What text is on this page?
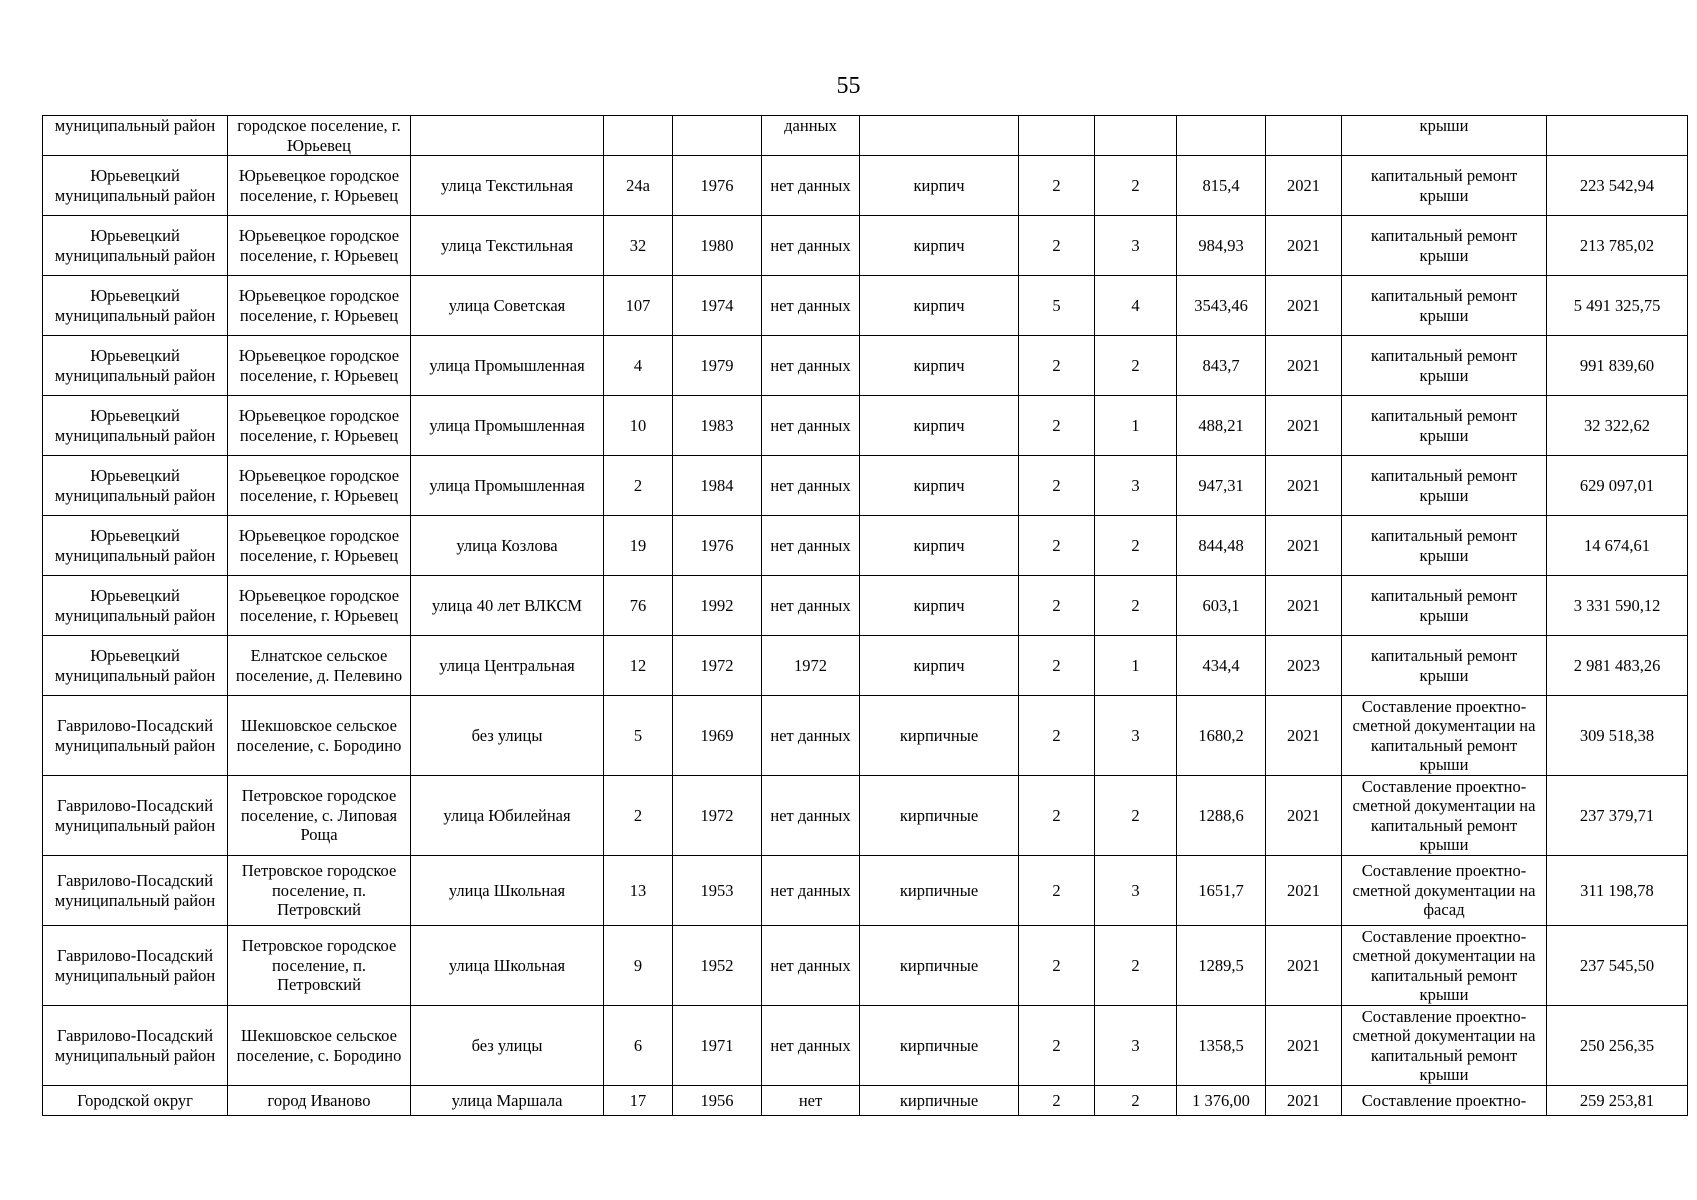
55
муниципальный район	городское поселение, г. Юрьевец				данных						крыши	
Юрьевецкий муниципальный район	Юрьевецкое городское поселение, г. Юрьевец	улица Текстильная	24а	1976	нет данных	кирпич	2	2	815,4	2021	капитальный ремонт крыши	223 542,94
Юрьевецкий муниципальный район	Юрьевецкое городское поселение, г. Юрьевец	улица Текстильная	32	1980	нет данных	кирпич	2	3	984,93	2021	капитальный ремонт крыши	213 785,02
Юрьевецкий муниципальный район	Юрьевецкое городское поселение, г. Юрьевец	улица Советская	107	1974	нет данных	кирпич	5	4	3543,46	2021	капитальный ремонт крыши	5 491 325,75
Юрьевецкий муниципальный район	Юрьевецкое городское поселение, г. Юрьевец	улица Промышленная	4	1979	нет данных	кирпич	2	2	843,7	2021	капитальный ремонт крыши	991 839,60
Юрьевецкий муниципальный район	Юрьевецкое городское поселение, г. Юрьевец	улица Промышленная	10	1983	нет данных	кирпич	2	1	488,21	2021	капитальный ремонт крыши	32 322,62
Юрьевецкий муниципальный район	Юрьевецкое городское поселение, г. Юрьевец	улица Промышленная	2	1984	нет данных	кирпич	2	3	947,31	2021	капитальный ремонт крыши	629 097,01
Юрьевецкий муниципальный район	Юрьевецкое городское поселение, г. Юрьевец	улица Козлова	19	1976	нет данных	кирпич	2	2	844,48	2021	капитальный ремонт крыши	14 674,61
Юрьевецкий муниципальный район	Юрьевецкое городское поселение, г. Юрьевец	улица 40 лет ВЛКСМ	76	1992	нет данных	кирпич	2	2	603,1	2021	капитальный ремонт крыши	3 331 590,12
Юрьевецкий муниципальный район	Елнатское сельское поселение, д. Пелевино	улица Центральная	12	1972	1972	кирпич	2	1	434,4	2023	капитальный ремонт крыши	2 981 483,26
Гаврилово-Посадский муниципальный район	Шекшовское сельское поселение, с. Бородино	без улицы	5	1969	нет данных	кирпичные	2	3	1680,2	2021	Составление проектно-сметной документации на капитальный ремонт крыши	309 518,38
Гаврилово-Посадский муниципальный район	Петровское городское поселение, с. Липовая Роща	улица Юбилейная	2	1972	нет данных	кирпичные	2	2	1288,6	2021	Составление проектно-сметной документации на капитальный ремонт крыши	237 379,71
Гаврилово-Посадский муниципальный район	Петровское городское поселение, п. Петровский	улица Школьная	13	1953	нет данных	кирпичные	2	3	1651,7	2021	Составление проектно-сметной документации на фасад	311 198,78
Гаврилово-Посадский муниципальный район	Петровское городское поселение, п. Петровский	улица Школьная	9	1952	нет данных	кирпичные	2	2	1289,5	2021	Составление проектно-сметной документации на капитальный ремонт крыши	237 545,50
Гаврилово-Посадский муниципальный район	Шекшовское сельское поселение, с. Бородино	без улицы	6	1971	нет данных	кирпичные	2	3	1358,5	2021	Составление проектно-сметной документации на капитальный ремонт крыши	250 256,35
Городской округ	город Иваново	улица Маршала	17	1956	нет	кирпичные	2	2	1 376,00	2021	Составление проектно-	259 253,81
